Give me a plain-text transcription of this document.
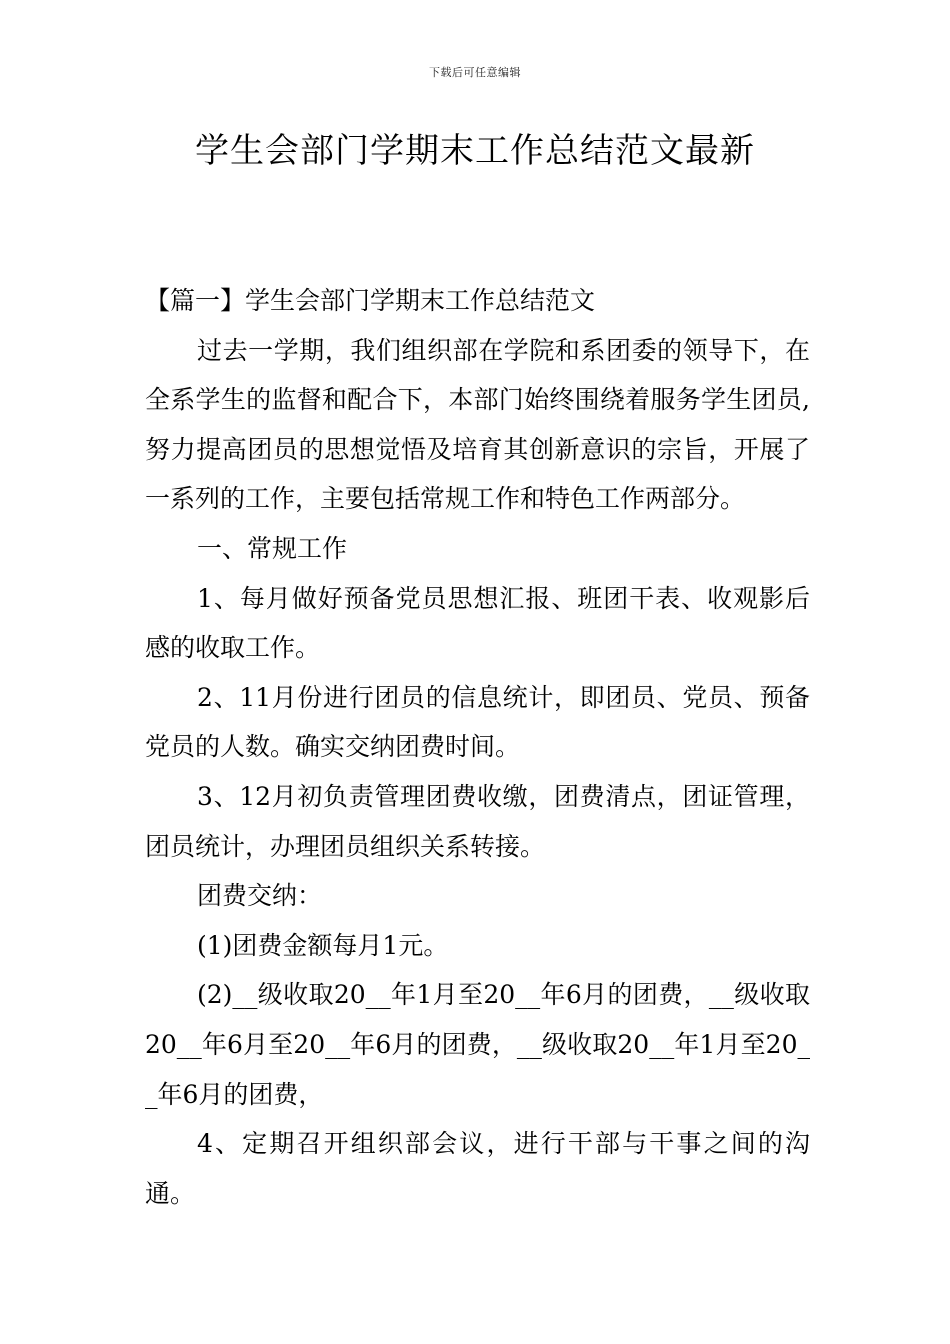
下载后可任意编辑
学生会部门学期末工作总结范文最新

【篇一】学生会部门学期末工作总结范文

过去一学期，我们组织部在学院和系团委的领导下，在全系学生的监督和配合下，本部门始终围绕着服务学生团员,努力提高团员的思想觉悟及培育其创新意识的宗旨，开展了一系列的工作，主要包括常规工作和特色工作两部分。

一、常规工作

1、每月做好预备党员思想汇报、班团干表、收观影后感的收取工作。

2、11月份进行团员的信息统计，即团员、党员、预备党员的人数。确实交纳团费时间。

3、12月初负责管理团费收缴，团费清点，团证管理，团员统计，办理团员组织关系转接。

团费交纳：

(1)团费金额每月1元。

(2)__级收取20__年1月至20__年6月的团费，__级收取20__年6月至20__年6月的团费，__级收取20__年1月至20__年6月的团费，

4、定期召开组织部会议，进行干部与干事之间的沟通。
